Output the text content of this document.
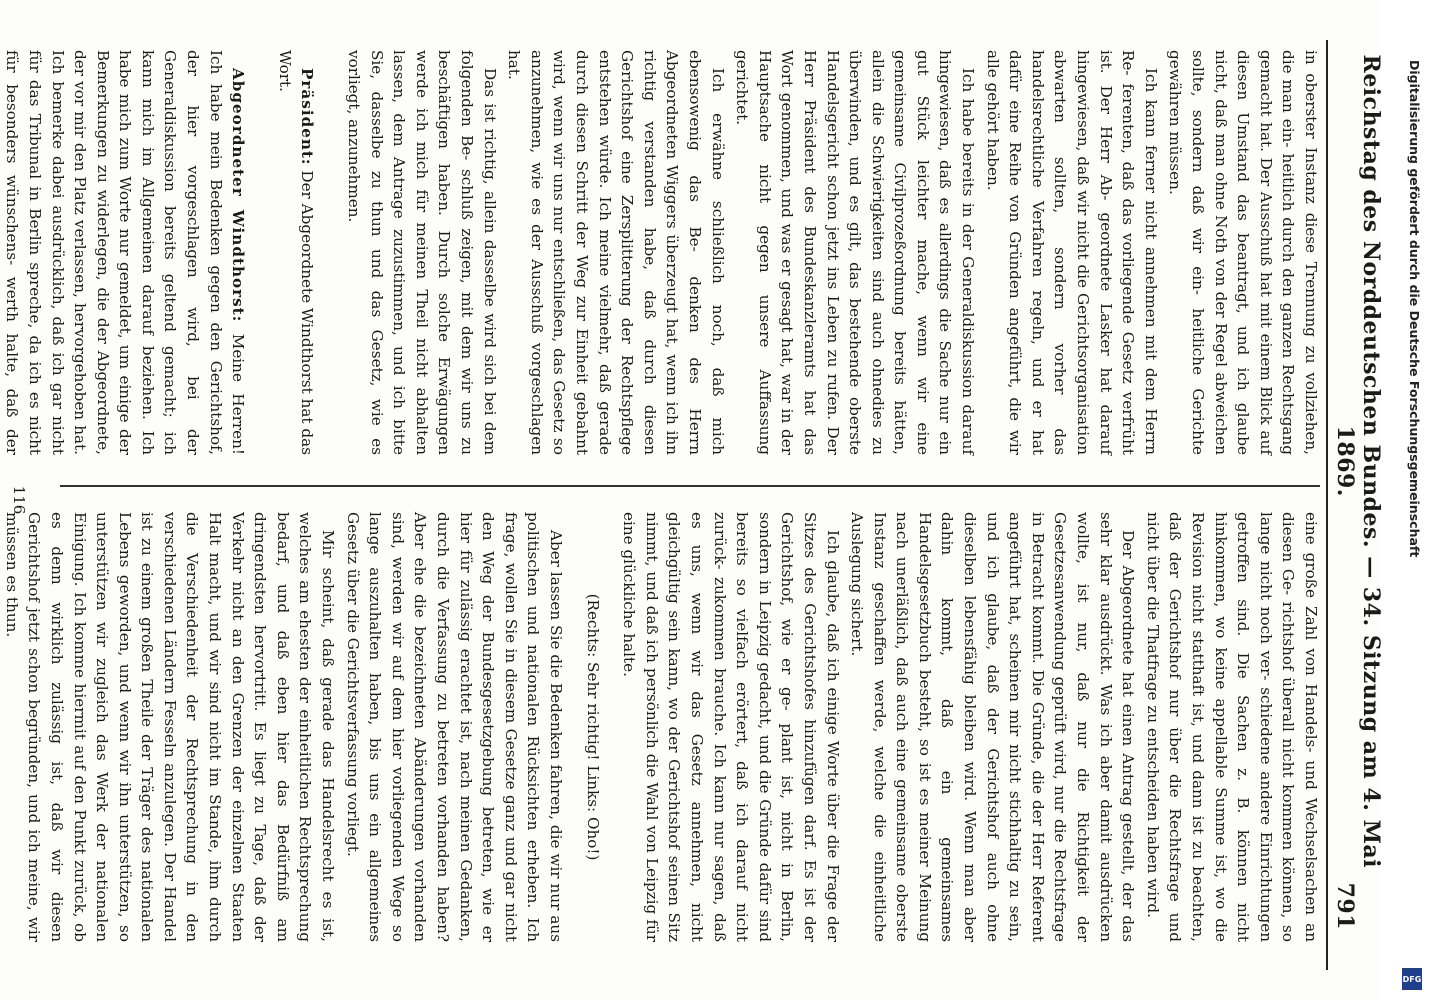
Reichstag des Norddeutschen Bundes. — 34. Sitzung am 4. Mai 1869.
791

in oberster Instanz diese Trennung zu vollziehen, die man ein- heitlich durch den ganzen Rechtsgang gemacht hat. Der Ausschuß hat mit einem Blick auf diesen Umstand das beantragt, und ich glaube nicht, daß man ohne Noth von der Regel abweichen sollte, sondern daß wir ein- heitliche Gerichte gewähren müssen.

Ich kann ferner nicht annehmen mit dem Herrn Re- ferenten, daß das vorliegende Gesetz verfrüht ist. Der Herr Ab- geordnete Lasker hat darauf hingewiesen, daß wir nicht die Gerichtsorganisation abwarten sollten, sondern vorher das handelsrechtliche Verfahren regeln, und er hat dafür eine Reihe von Gründen angeführt, die wir alle gehört haben.

Ich habe bereits in der Generaldiskussion darauf hingewiesen, daß es allerdings die Sache nur ein gut Stück leichter mache, wenn wir eine gemeinsame Civilprozeßordnung bereits hätten, allein die Schwierigkeiten sind auch ohnedies zu überwinden, und es gilt, das bestehende oberste Handelsgericht schon jetzt ins Leben zu rufen. Der Herr Präsident des Bundeskanzleramts hat das Wort genommen, und was er gesagt hat, war in der Hauptsache nicht gegen unsere Auffassung gerichtet.

Ich erwähne schließlich noch, daß mich ebensowenig das Be- denken des Herrn Abgeordneten Wiggers überzeugt hat, wenn ich ihn richtig verstanden habe, daß durch diesen Gerichtshof eine Zersplitterung der Rechtspflege entstehen würde. Ich meine vielmehr, daß gerade durch diesen Schritt der Weg zur Einheit gebahnt wird, wenn wir uns nur entschließen, das Gesetz so anzunehmen, wie es der Ausschuß vorgeschlagen hat.

Das ist richtig, allein dasselbe wird sich bei dem folgenden Be- schluß zeigen, mit dem wir uns zu beschäftigen haben. Durch solche Erwägungen werde ich mich für meinen Theil nicht abhalten lassen, dem Antrage zuzustimmen, und ich bitte Sie, dasselbe zu thun und das Gesetz, wie es vorliegt, anzunehmen.

Präsident: Der Abgeordnete Windthorst hat das Wort.

Abgeordneter Windthorst: Meine Herren! Ich habe mein Bedenken gegen den Gerichtshof, der hier vorgeschlagen wird, bei der Generaldiskussion bereits geltend gemacht; ich kann mich im Allgemeinen darauf beziehen. Ich habe mich zum Worte nur gemeldet, um einige der Bemerkungen zu widerlegen, die der Abgeordnete, der vor mir den Platz verlassen, hervorgehoben hat. Ich bemerke dabei ausdrücklich, daß ich gar nicht für das Tribunal in Berlin spreche, da ich es nicht für besonders wünschens- werth halte, daß der

eine große Zahl von Handels- und Wechselsachen an diesen Ge- richtshof überall nicht kommen können, so lange nicht noch ver- schiedene andere Einrichtungen getroffen sind. Die Sachen z. B. können nicht hinkommen, wo keine appellable Summe ist, wo die Revision nicht statthaft ist, und dann ist zu beachten, daß der Gerichtshof nur über die Rechtsfrage und nicht über die Thatfrage zu entscheiden haben wird.

Der Abgeordnete hat einen Antrag gestellt, der das sehr klar ausdrückt. Was ich aber damit ausdrücken wollte, ist nur, daß nur die Richtigkeit der Gesetzesanwendung geprüft wird, nur die Rechtsfrage in Betracht kommt. Die Gründe, die der Herr Referent angeführt hat, scheinen mir nicht stichhaltig zu sein, und ich glaube, daß der Gerichtshof auch ohne dieselben lebensfähig bleiben wird. Wenn man aber dahin kommt, daß ein gemeinsames Handelsgesetzbuch besteht, so ist es meiner Meinung nach unerläßlich, daß auch eine gemeinsame oberste Instanz geschaffen werde, welche die einheitliche Auslegung sichert.

Ich glaube, daß ich einige Worte über die Frage der Sitzes des Gerichtshofes hinzufügen darf. Es ist der Gerichtshof, wie er ge- plant ist, nicht in Berlin, sondern in Leipzig gedacht, und die Gründe dafür sind bereits so vielfach erörtert, daß ich darauf nicht zurück- zukommen brauche. Ich kann nur sagen, daß es uns, wenn wir das Gesetz annehmen, nicht gleichgültig sein kann, wo der Gerichtshof seinen Sitz nimmt, und daß ich persönlich die Wahl von Leipzig für eine glückliche halte.

(Rechts: Sehr richtig! Links: Oho!)

Aber lassen Sie die Bedenken fahren, die wir nur aus politischen und nationalen Rücksichten erheben. Ich frage, wollen Sie in diesem Gesetze ganz und gar nicht den Weg der Bundesgesetzgebung betreten, wie er hier für zulässig erachtet ist, nach meinen Gedanken, durch die Verfassung zu betreten vorhanden haben? Aber ehe die bezeichneten Abänderungen vorhanden sind, werden wir auf dem hier vorliegenden Wege so lange auszuhalten haben, bis uns ein allgemeines Gesetz über die Gerichtsverfassung vorliegt.

Mir scheint, daß gerade das Handelsrecht es ist, welches am ehesten der einheitlichen Rechtsprechung bedarf, und daß eben hier das Bedürfniß am dringendsten hervortritt. Es liegt zu Tage, daß der Verkehr nicht an den Grenzen der einzelnen Staaten Halt macht, und wir sind nicht im Stande, ihm durch die Verschiedenheit der Rechtsprechung in den verschiedenen Ländern Fesseln anzulegen. Der Handel ist zu einem großen Theile der Träger des nationalen Lebens geworden, und wenn wir ihn unterstützen, so unterstützen wir zugleich das Werk der nationalen Einigung. Ich komme hiermit auf den Punkt zurück, ob es denn wirklich zulässig ist, daß wir diesen Gerichtshof jetzt schon begründen, und ich meine, wir müssen es thun.

116	Digitalisierung gefördert durch die Deutsche Forschungsgemeinschaft
DFG
